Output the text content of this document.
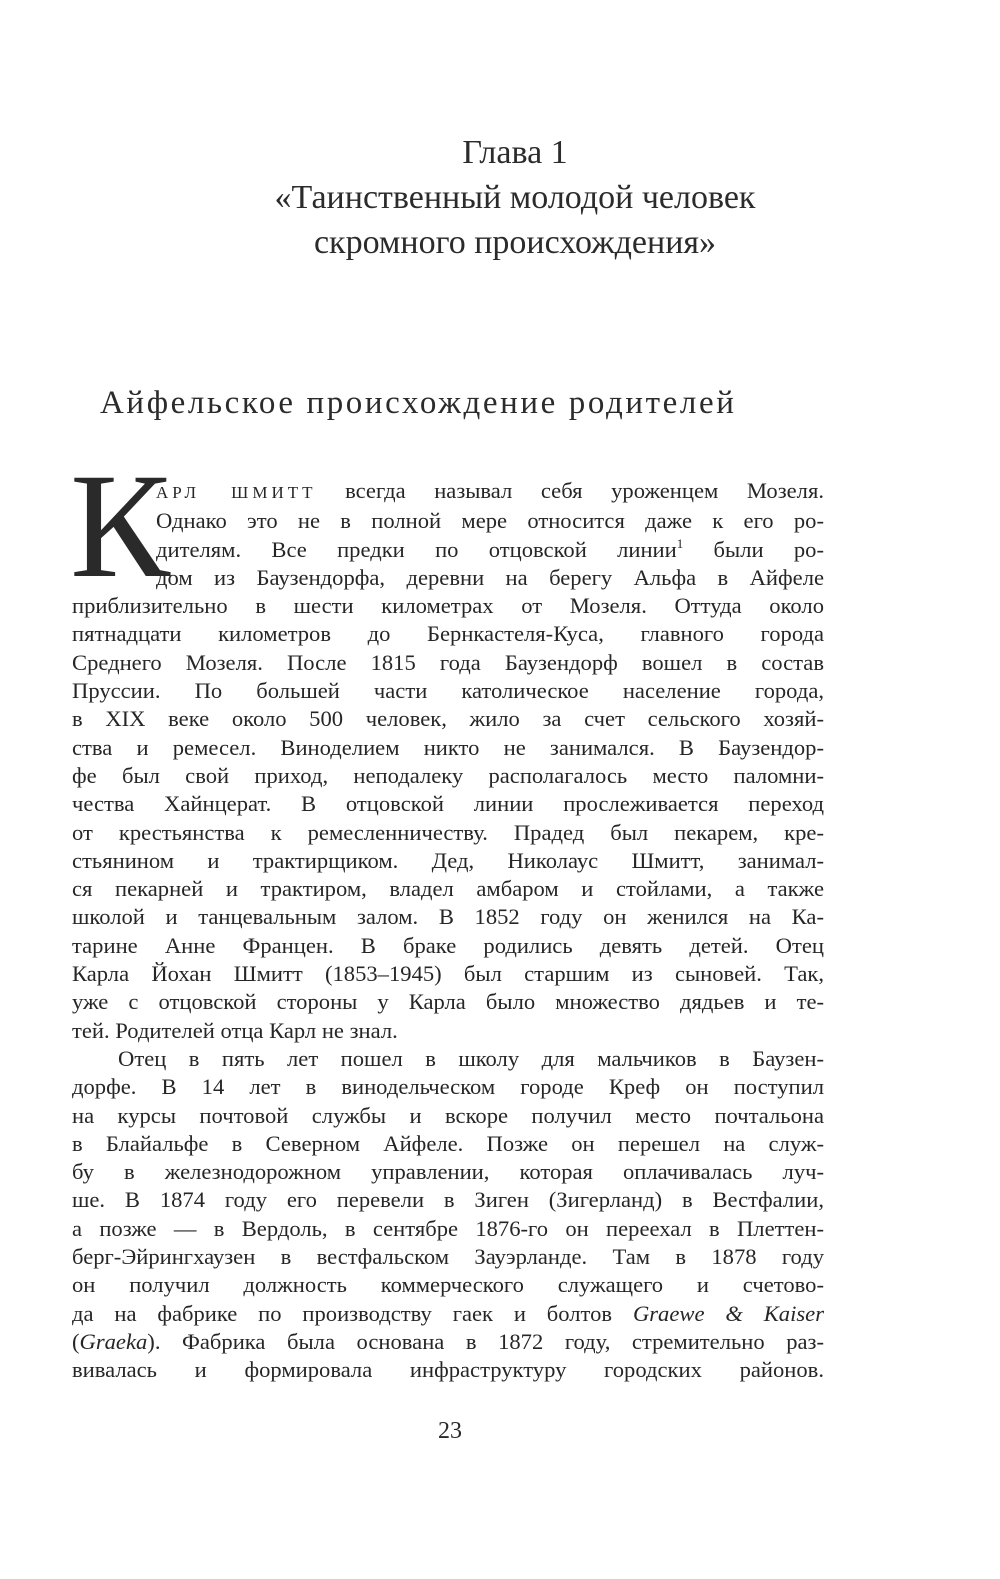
Глава 1
«Таинственный молодой человек
скромного происхождения»
Айфельское происхождение родителей
К
АРЛ ШМИТТ всегда называл себя уроженцем Мозеля.
Однако это не в полной мере относится даже к его ро-
дителям. Все предки по отцовской линии$^1$ были ро-
дом из Баузендорфа, деревни на берегу Альфа в Айфеле
приблизительно в шести километрах от Мозеля. Оттуда около
пятнадцати километров до Бернкастеля-Куса, главного города
Среднего Мозеля. После 1815 года Баузендорф вошел в состав
Пруссии. По большей части католическое население города,
в XIX веке около 500 человек, жило за счет сельского хозяй-
ства и ремесел. Виноделием никто не занимался. В Баузендор-
фе был свой приход, неподалеку располагалось место паломни-
чества Хайнцерат. В отцовской линии прослеживается переход
от крестьянства к ремесленничеству. Прадед был пекарем, кре-
стьянином и трактирщиком. Дед, Николаус Шмитт, занимал-
ся пекарней и трактиром, владел амбаром и стойлами, а также
школой и танцевальным залом. В 1852 году он женился на Ка-
тарине Анне Францен. В браке родились девять детей. Отец
Карла Йохан Шмитт (1853–1945) был старшим из сыновей. Так,
уже с отцовской стороны у Карла было множество дядьев и те-
тей. Родителей отца Карл не знал.
Отец в пять лет пошел в школу для мальчиков в Баузен-
дорфе. В 14 лет в винодельческом городе Креф он поступил
на курсы почтовой службы и вскоре получил место почтальона
в Блайальфе в Северном Айфеле. Позже он перешел на служ-
бу в железнодорожном управлении, которая оплачивалась луч-
ше. В 1874 году его перевели в Зиген (Зигерланд) в Вестфалии,
а позже — в Вердоль, в сентябре 1876-го он переехал в Плеттен-
берг-Эйрингхаузен в вестфальском Зауэрланде. Там в 1878 году
он получил должность коммерческого служащего и счетово-
да на фабрике по производству гаек и болтов Graewe & Kaiser
(Graeka). Фабрика была основана в 1872 году, стремительно раз-
вивалась и формировала инфраструктуру городских районов.
23
